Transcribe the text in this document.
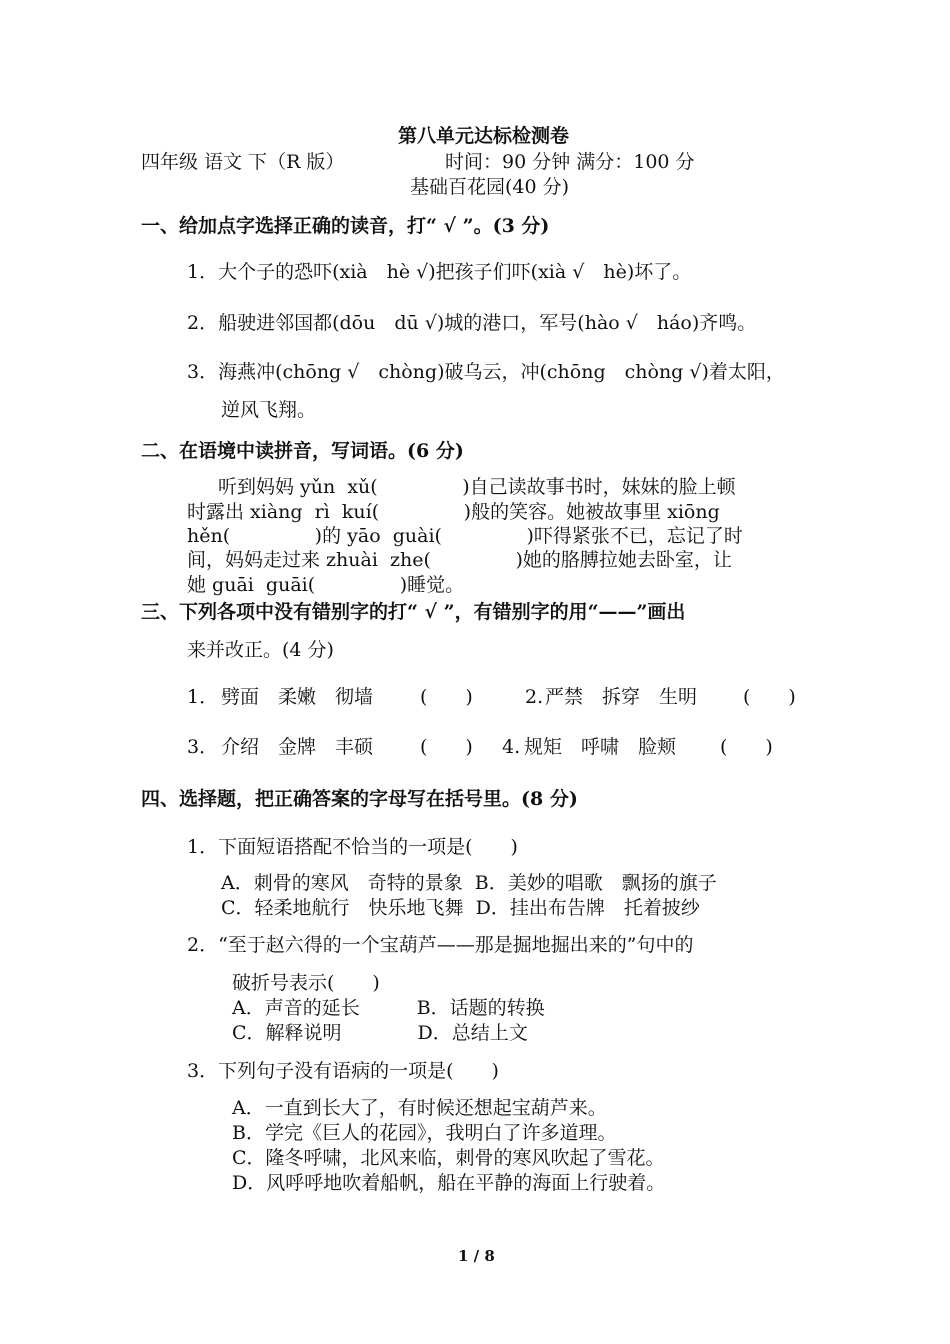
第八单元达标检测卷
四年级 语文 下（R 版）	时间：90 分钟 满分：100 分
基础百花园(40 分)
一、给加点字选择正确的读音，打“ √ ”。(3 分)
1．大个子的恐吓(xià　hè √)把孩子们吓(xià √　hè)坏了。
2．船驶进邻国都(dōu　dū √)城的港口，军号(hào √　háo)齐鸣。
3．海燕冲(chōng √　chòng)破乌云，冲(chōng　chòng √)着太阳，
逆风飞翔。
二、在语境中读拼音，写词语。(6 分)
听到妈妈 yǔn  xǔ(              )自己读故事书时，妹妹的脸上顿
时露出 xiàng  rì  kuí(              )般的笑容。她被故事里 xiōng
hěn(              )的 yāo  guài(              )吓得紧张不已，忘记了时
间，妈妈走过来 zhuài  zhe(              )她的胳膊拉她去卧室，让
她 guāi  guāi(              )睡觉。
三、下列各项中没有错别字的打“ √ ”，有错别字的用“——”画出
来并改正。(4 分)
1． 劈面　柔嫩　彻墙 (　　)	2. 严禁　拆穿　生明 (　　)
3． 介绍　金牌　丰硕 (　　) 4. 规矩　呼啸　脸颊 (　　)
四、选择题，把正确答案的字母写在括号里。(8 分)
1．下面短语搭配不恰当的一项是(　　)
A．刺骨的寒风　奇特的景象  B．美妙的唱歌　飘扬的旗子
C．轻柔地航行　快乐地飞舞  D．挂出布告牌　托着披纱
2．“至于赵六得的一个宝葫芦——那是掘地掘出来的”句中的
破折号表示(　　)
A．声音的延长　　　B．话题的转换
C．解释说明　　　　D．总结上文
3．下列句子没有语病的一项是(　　)
A．一直到长大了，有时候还想起宝葫芦来。
B．学完《巨人的花园》，我明白了许多道理。
C．隆冬呼啸，北风来临，刺骨的寒风吹起了雪花。
D．风呼呼地吹着船帆，船在平静的海面上行驶着。
1 / 8
